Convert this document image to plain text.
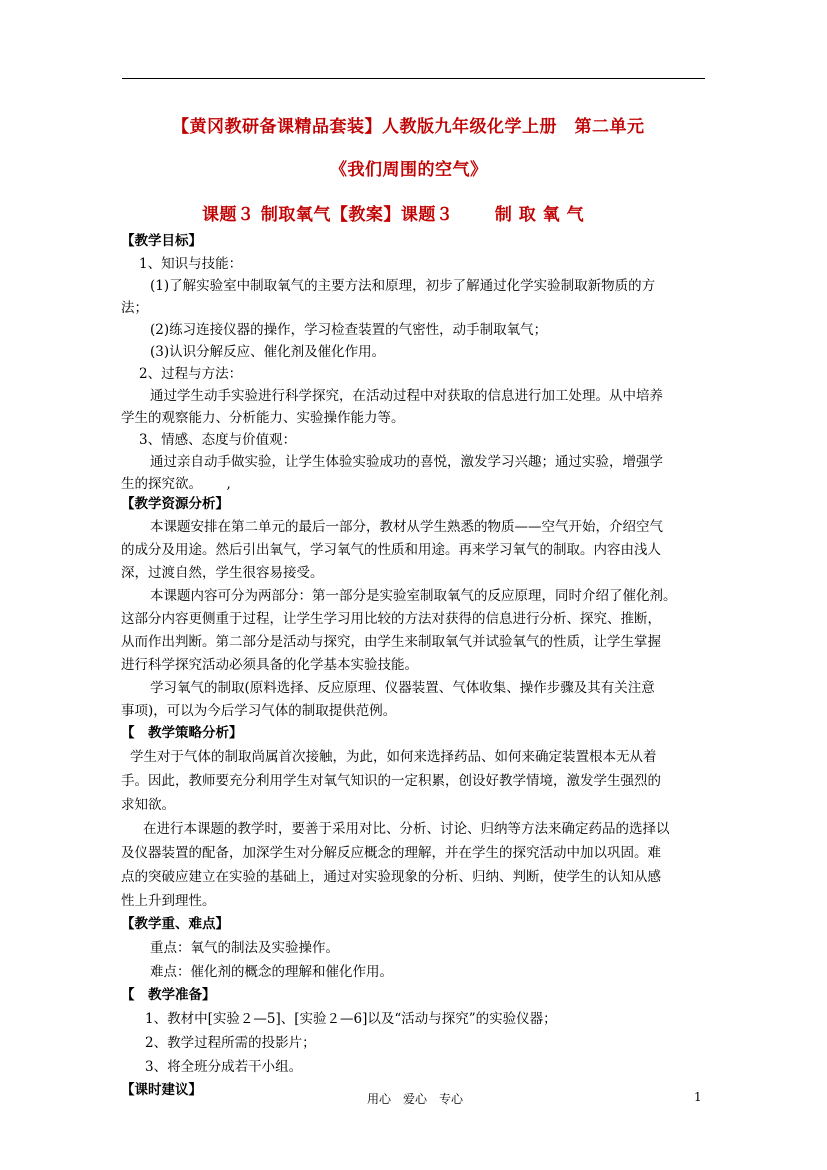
【黄冈教研备课精品套装】人教版九年级化学上册　第二单元
《我们周围的空气》
课题３ 制取氧气【教案】课题３　　 制 取 氧 气
【教学目标】
1、知识与技能：
(1)了解实验室中制取氧气的主要方法和原理，初步了解通过化学实验制取新物质的方
法；
(2)练习连接仪器的操作，学习检查装置的气密性，动手制取氧气；
(3)认识分解反应、催化剂及催化作用。
2、过程与方法：
通过学生动手实验进行科学探究，在活动过程中对获取的信息进行加工处理。从中培养
学生的观察能力、分析能力、实验操作能力等。
3、情感、态度与价值观：
通过亲自动手做实验，让学生体验实验成功的喜悦，激发学习兴趣；通过实验，增强学
生的探究欲。　　 ,
【教学资源分析】
本课题安排在第二单元的最后一部分，教材从学生熟悉的物质——空气开始，介绍空气
的成分及用途。然后引出氧气，学习氧气的性质和用途。再来学习氧气的制取。内容由浅人
深，过渡自然，学生很容易接受。
本课题内容可分为两部分：第一部分是实验室制取氧气的反应原理，同时介绍了催化剂。
这部分内容更侧重于过程，让学生学习用比较的方法对获得的信息进行分析、探究、推断，
从而作出判断。第二部分是活动与探究，由学生来制取氧气并试验氧气的性质，让学生掌握
进行科学探究活动必须具备的化学基本实验技能。
学习氧气的制取(原料选择、反应原理、仪器装置、气体收集、操作步骤及其有关注意
事项)，可以为今后学习气体的制取提供范例。
【　教学策略分析】
学生对于气体的制取尚属首次接触，为此，如何来选择药品、如何来确定装置根本无从着
手。因此，教师要充分利用学生对氧气知识的一定积累，创设好教学情境，激发学生强烈的
求知欲。
在进行本课题的教学时，要善于采用对比、分析、讨论、归纳等方法来确定药品的选择以
及仪器装置的配备，加深学生对分解反应概念的理解，并在学生的探究活动中加以巩固。难
点的突破应建立在实验的基础上，通过对实验现象的分析、归纳、判断，使学生的认知从感
性上升到理性。
【教学重、难点】
重点：氧气的制法及实验操作。
难点：催化剂的概念的理解和催化作用。
【　教学准备】
1、教材中[实验２—5]、[实验２—6]以及“活动与探究”的实验仪器；
2、教学过程所需的投影片；
3、将全班分成若干小组。
【课时建议】
用心　爱心　专心	1
